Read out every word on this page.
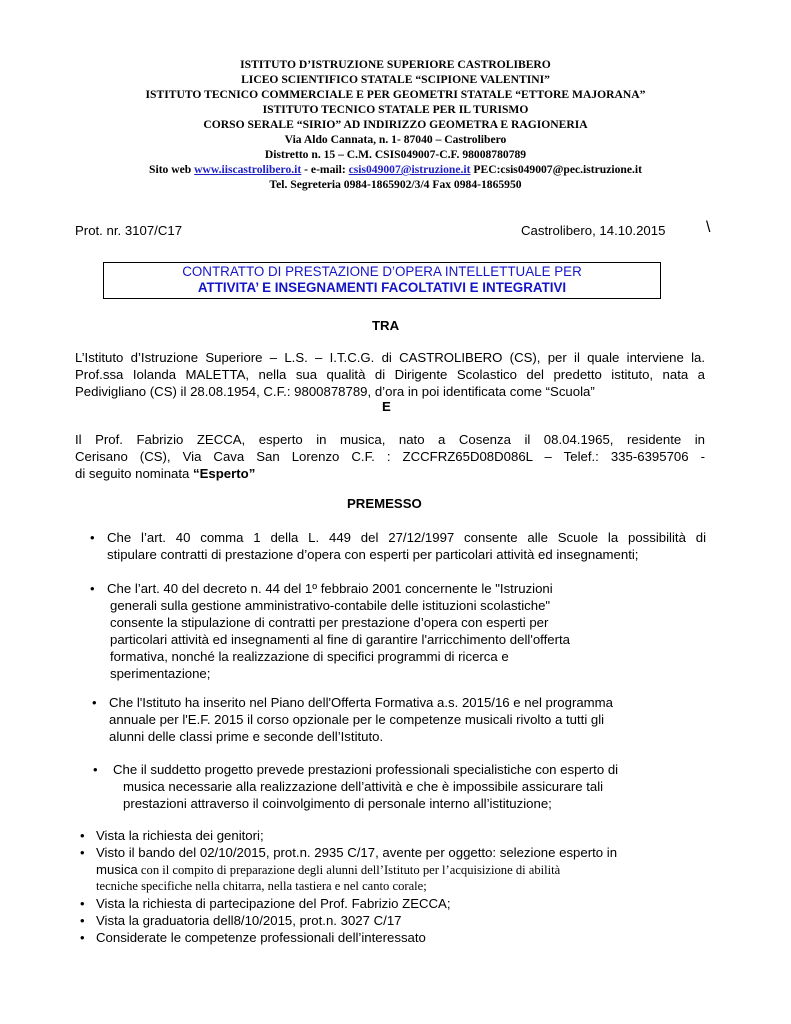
ISTITUTO D’ISTRUZIONE SUPERIORE CASTROLIBERO
LICEO SCIENTIFICO STATALE “SCIPIONE VALENTINI”
ISTITUTO TECNICO COMMERCIALE E PER GEOMETRI STATALE “ETTORE MAJORANA”
ISTITUTO TECNICO STATALE PER IL TURISMO
CORSO SERALE “SIRIO” AD INDIRIZZO GEOMETRA E RAGIONERIA
Via Aldo Cannata, n. 1- 87040 – Castrolibero
Distretto n. 15 – C.M. CSIS049007-C.F. 98008780789
Sito web www.iiscastrolibero.it - e-mail: csis049007@istruzione.it PEC:csis049007@pec.istruzione.it
Tel. Segreteria 0984-1865902/3/4 Fax 0984-1865950
Prot. nr. 3107/C17	Castrolibero, 14.10.2015	\
CONTRATTO DI PRESTAZIONE D’OPERA INTELLETTUALE PER
ATTIVITA’ E INSEGNAMENTI FACOLTATIVI E INTEGRATIVI
TRA
L’Istituto d’Istruzione Superiore – L.S. – I.T.C.G. di CASTROLIBERO (CS), per il quale interviene la.
Prof.ssa Iolanda MALETTA, nella sua qualità di Dirigente Scolastico del predetto istituto, nata a
Pedivigliano (CS) il 28.08.1954, C.F.: 9800878789, d’ora in poi identificata come “Scuola”
E
Il Prof. Fabrizio ZECCA, esperto in musica, nato a Cosenza il 08.04.1965, residente in
Cerisano (CS), Via Cava San Lorenzo C.F. : ZCCFRZ65D08D086L – Telef.: 335-6395706 -
di seguito nominata “Esperto”
PREMESSO
• Che l’art. 40 comma 1 della L. 449 del 27/12/1997 consente alle Scuole la possibilità di
stipulare contratti di prestazione d’opera con esperti per particolari attività ed insegnamenti;
• Che l’art. 40 del decreto n. 44 del 1º febbraio 2001 concernente le "Istruzioni
generali sulla gestione amministrativo-contabile delle istituzioni scolastiche"
consente la stipulazione di contratti per prestazione d’opera con esperti per
particolari attività ed insegnamenti al fine di garantire l'arricchimento dell'offerta
formativa, nonché la realizzazione di specifici programmi di ricerca e
sperimentazione;
• Che l'Istituto ha inserito nel Piano dell'Offerta Formativa a.s. 2015/16 e nel programma
annuale per l'E.F. 2015 il corso opzionale per le competenze musicali rivolto a tutti gli
alunni delle classi prime e seconde dell’Istituto.
• Che il suddetto progetto prevede prestazioni professionali specialistiche con esperto di
musica necessarie alla realizzazione dell’attività e che è impossibile assicurare tali
prestazioni attraverso il coinvolgimento di personale interno all’istituzione;
• Vista la richiesta dei genitori;
• Visto il bando del 02/10/2015, prot.n. 2935 C/17, avente per oggetto: selezione esperto in
musica con il compito di preparazione degli alunni dell’Istituto per l’acquisizione di abilità
tecniche specifiche nella chitarra, nella tastiera e nel canto corale;
• Vista la richiesta di partecipazione del Prof. Fabrizio ZECCA;
• Vista la graduatoria dell8/10/2015, prot.n. 3027 C/17
• Considerate le competenze professionali dell’interessato
